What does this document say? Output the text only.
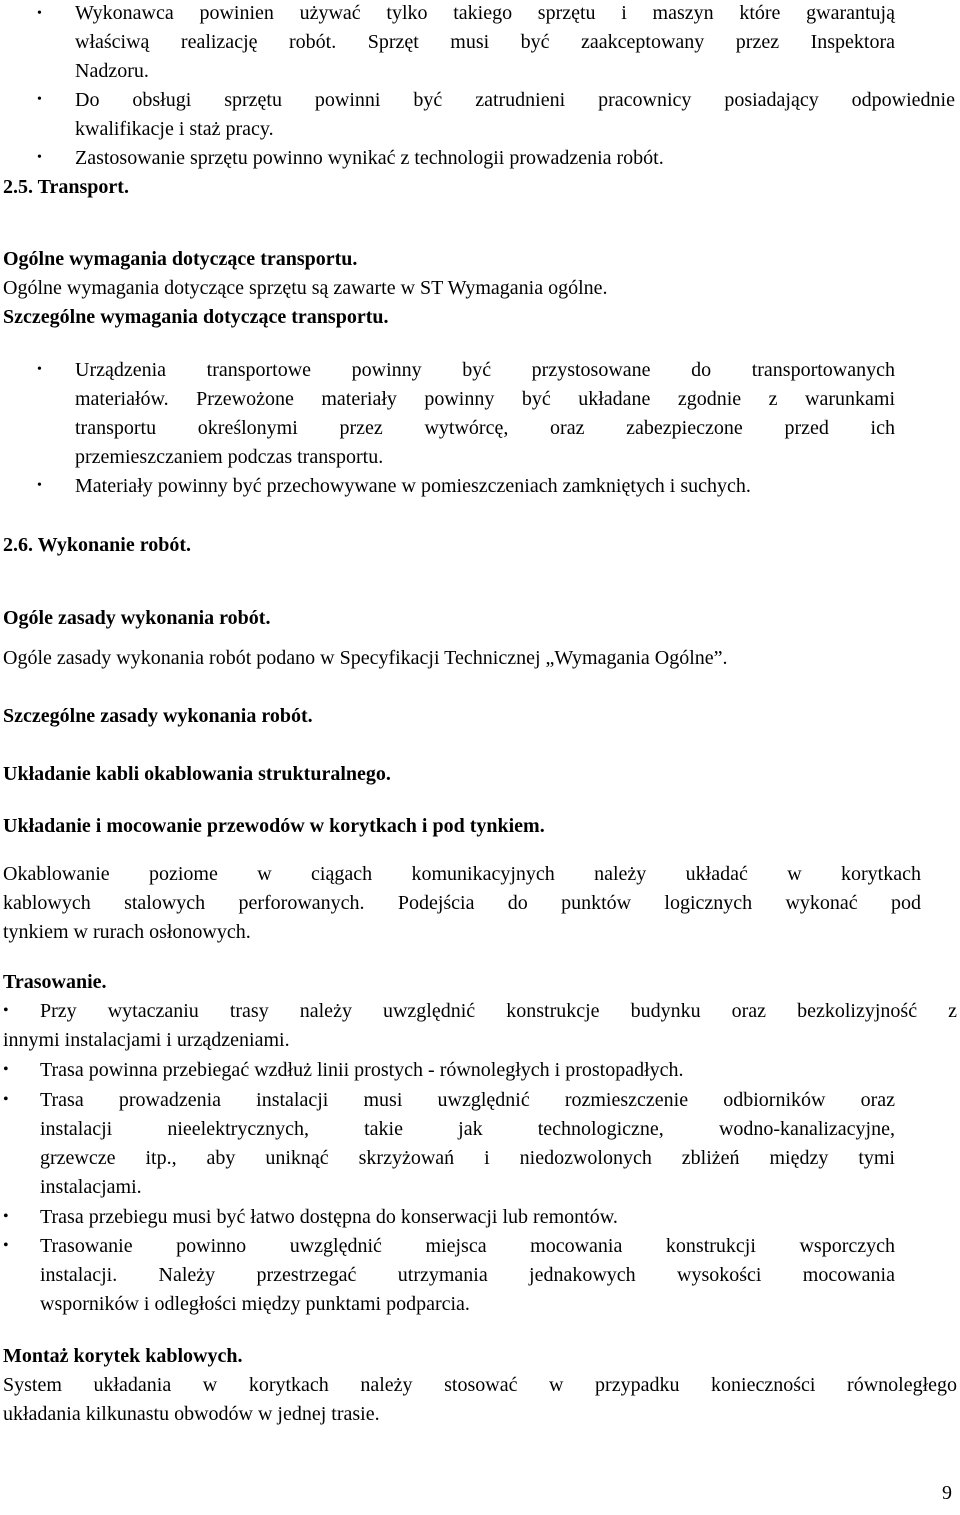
• Wykonawca powinien używać tylko takiego sprzętu i maszyn które gwarantują
właściwą realizację robót. Sprzęt musi być zaakceptowany przez Inspektora
Nadzoru.
• Do obsługi sprzętu powinni być zatrudnieni pracownicy posiadający odpowiednie
kwalifikacje i staż pracy.
• Zastosowanie sprzętu powinno wynikać z technologii prowadzenia robót.
2.5. Transport.
Ogólne wymagania dotyczące transportu.
Ogólne wymagania dotyczące sprzętu są zawarte w ST Wymagania ogólne.
Szczególne wymagania dotyczące transportu.
• Urządzenia transportowe powinny być przystosowane do transportowanych
materiałów. Przewożone materiały powinny być układane zgodnie z warunkami
transportu określonymi przez wytwórcę, oraz zabezpieczone przed ich
przemieszczaniem podczas transportu.
• Materiały powinny być przechowywane w pomieszczeniach zamkniętych i suchych.
2.6. Wykonanie robót.
Ogóle zasady wykonania robót.
Ogóle zasady wykonania robót podano w Specyfikacji Technicznej „Wymagania Ogólne”.
Szczególne zasady wykonania robót.
Układanie kabli okablowania strukturalnego.
Układanie i mocowanie przewodów w korytkach i pod tynkiem.
Okablowanie poziome w ciągach komunikacyjnych należy układać w korytkach
kablowych stalowych perforowanych. Podejścia do punktów logicznych wykonać pod
tynkiem w rurach osłonowych.
Trasowanie.
• Przy wytaczaniu trasy należy uwzględnić konstrukcje budynku oraz bezkolizyjność z
innymi instalacjami i urządzeniami.
• Trasa powinna przebiegać wzdłuż linii prostych - równoległych i prostopadłych.
• Trasa prowadzenia instalacji musi uwzględnić rozmieszczenie odbiorników oraz
instalacji nieelektrycznych, takie jak technologiczne, wodno-kanalizacyjne,
grzewcze itp., aby uniknąć skrzyżowań i niedozwolonych zbliżeń między tymi
instalacjami.
• Trasa przebiegu musi być łatwo dostępna do konserwacji lub remontów.
• Trasowanie powinno uwzględnić miejsca mocowania konstrukcji wsporczych
instalacji. Należy przestrzegać utrzymania jednakowych wysokości mocowania
wsporników i odległości między punktami podparcia.
Montaż korytek kablowych.
System układania w korytkach należy stosować w przypadku konieczności równoległego
układania kilkunastu obwodów w jednej trasie.
9
